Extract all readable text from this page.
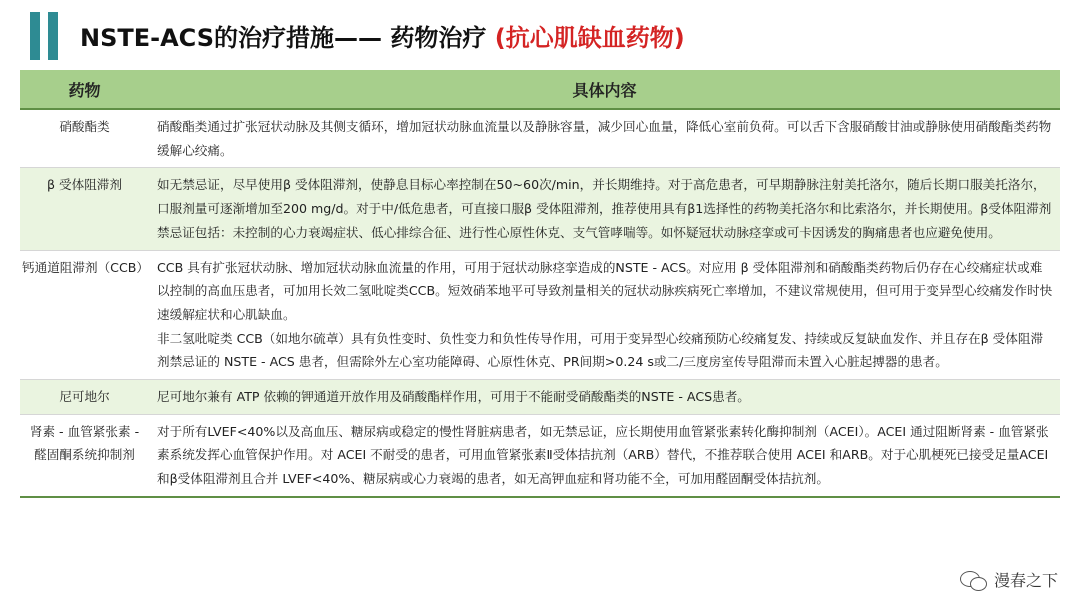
NSTE-ACS的治疗措施—— 药物治疗 (抗心肌缺血药物)
药物	具体内容
硝酸酯类	硝酸酯类通过扩张冠状动脉及其侧支循环，增加冠状动脉血流量以及静脉容量，减少回心血量，降低心室前负荷。可以舌下含服硝酸甘油或静脉使用硝酸酯类药物缓解心绞痛。

β 受体阻滞剂	如无禁忌证，尽早使用β 受体阻滞剂，使静息目标心率控制在50~60次/min，并长期维持。对于高危患者，可早期静脉注射美托洛尔，随后长期口服美托洛尔，口服剂量可逐渐增加至200 mg/d。对于中/低危患者，可直接口服β 受体阻滞剂，推荐使用具有β1选择性的药物美托洛尔和比索洛尔，并长期使用。β受体阻滞剂禁忌证包括：未控制的心力衰竭症状、低心排综合征、进行性心原性休克、支气管哮喘等。如怀疑冠状动脉痉挛或可卡因诱发的胸痛患者也应避免使用。

钙通道阻滞剂（CCB）	CCB 具有扩张冠状动脉、增加冠状动脉血流量的作用，可用于冠状动脉痉挛造成的NSTE - ACS。对应用 β 受体阻滞剂和硝酸酯类药物后仍存在心绞痛症状或难以控制的高血压患者，可加用长效二氢吡啶类CCB。短效硝苯地平可导致剂量相关的冠状动脉疾病死亡率增加，不建议常规使用，但可用于变异型心绞痛发作时快速缓解症状和心肌缺血。
非二氢吡啶类 CCB（如地尔硫䓬）具有负性变时、负性变力和负性传导作用，可用于变异型心绞痛预防心绞痛复发、持续或反复缺血发作、并且存在β 受体阻滞剂禁忌证的 NSTE - ACS 患者，但需除外左心室功能障碍、心原性休克、PR间期>0.24 s或二/三度房室传导阻滞而未置入心脏起搏器的患者。

尼可地尔	尼可地尔兼有 ATP 依赖的钾通道开放作用及硝酸酯样作用，可用于不能耐受硝酸酯类的NSTE - ACS患者。

肾素 - 血管紧张素 - 醛固酮系统抑制剂	对于所有LVEF<40%以及高血压、糖尿病或稳定的慢性肾脏病患者，如无禁忌证，应长期使用血管紧张素转化酶抑制剂（ACEI）。ACEI 通过阻断肾素 - 血管紧张素系统发挥心血管保护作用。对 ACEI 不耐受的患者，可用血管紧张素Ⅱ受体拮抗剂（ARB）替代，不推荐联合使用 ACEI 和ARB。对于心肌梗死已接受足量ACEI和β受体阻滞剂且合并 LVEF<40%、糖尿病或心力衰竭的患者，如无高钾血症和肾功能不全，可加用醛固酮受体拮抗剂。
漫春之下
